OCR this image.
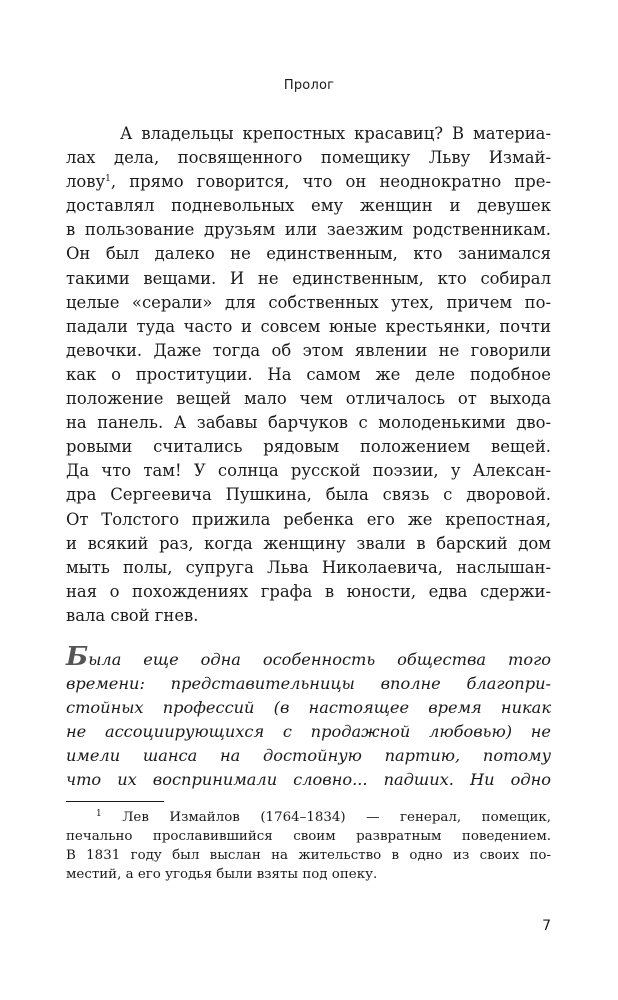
Пролог
А владельцы крепостных красавиц? В материа-
лах дела, посвященного помещику Льву Измай-
лову$^1$, прямо говорится, что он неоднократно пре-
доставлял подневольных ему женщин и девушек
в пользование друзьям или заезжим родственникам.
Он был далеко не единственным, кто занимался
такими вещами. И не единственным, кто собирал
целые «серали» для собственных утех, причем по-
падали туда часто и совсем юные крестьянки, почти
девочки. Даже тогда об этом явлении не говорили
как о проституции. На самом же деле подобное
положение вещей мало чем отличалось от выхода
на панель. А забавы барчуков с молоденькими дво-
ровыми считались рядовым положением вещей.
Да что там! У солнца русской поэзии, у Алексан-
дра Сергеевича Пушкина, была связь с дворовой.
От Толстого прижила ребенка его же крепостная,
и всякий раз, когда женщину звали в барский дом
мыть полы, супруга Льва Николаевича, наслышан-
ная о похождениях графа в юности, едва сдержи-
вала свой гнев.
Была еще одна особенность общества того
времени: представительницы вполне благопри-
стойных профессий (в настоящее время никак
не ассоциирующихся с продажной любовью) не
имели шанса на достойную партию, потому
что их воспринимали словно... падших. Ни одно
$^1$ Лев Измайлов (1764–1834) — генерал, помещик,
печально прославившийся своим развратным поведением.
В 1831 году был выслан на жительство в одно из своих по-
местий, а его угодья были взяты под опеку.
7
